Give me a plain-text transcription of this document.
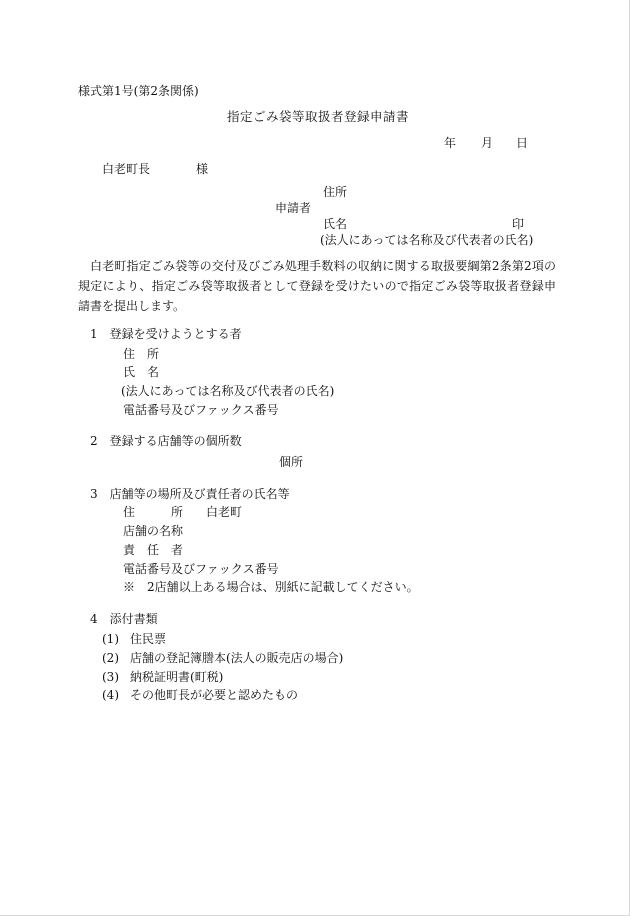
様式第1号(第2条関係)
指定ごみ袋等取扱者登録申請書
年 月 日
白老町長	様
住所
申請者
氏名	印
(法人にあっては名称及び代表者の氏名)
白老町指定ごみ袋等の交付及びごみ処理手数料の収納に関する取扱要綱第2条第2項の規定により、指定ごみ袋等取扱者として登録を受けたいので指定ごみ袋等取扱者登録申請書を提出します。
1　登録を受けようとする者
住　所
氏　名
(法人にあっては名称及び代表者の氏名)
電話番号及びファックス番号
2　登録する店舗等の個所数
個所
3　店舗等の場所及び責任者の氏名等
住　　　所 白老町
店舗の名称
責　任　者
電話番号及びファックス番号
※　2店舗以上ある場合は、別紙に記載してください。
4　添付書類
(1) 住民票
(2) 店舗の登記簿謄本(法人の販売店の場合)
(3) 納税証明書(町税)
(4) その他町長が必要と認めたもの
